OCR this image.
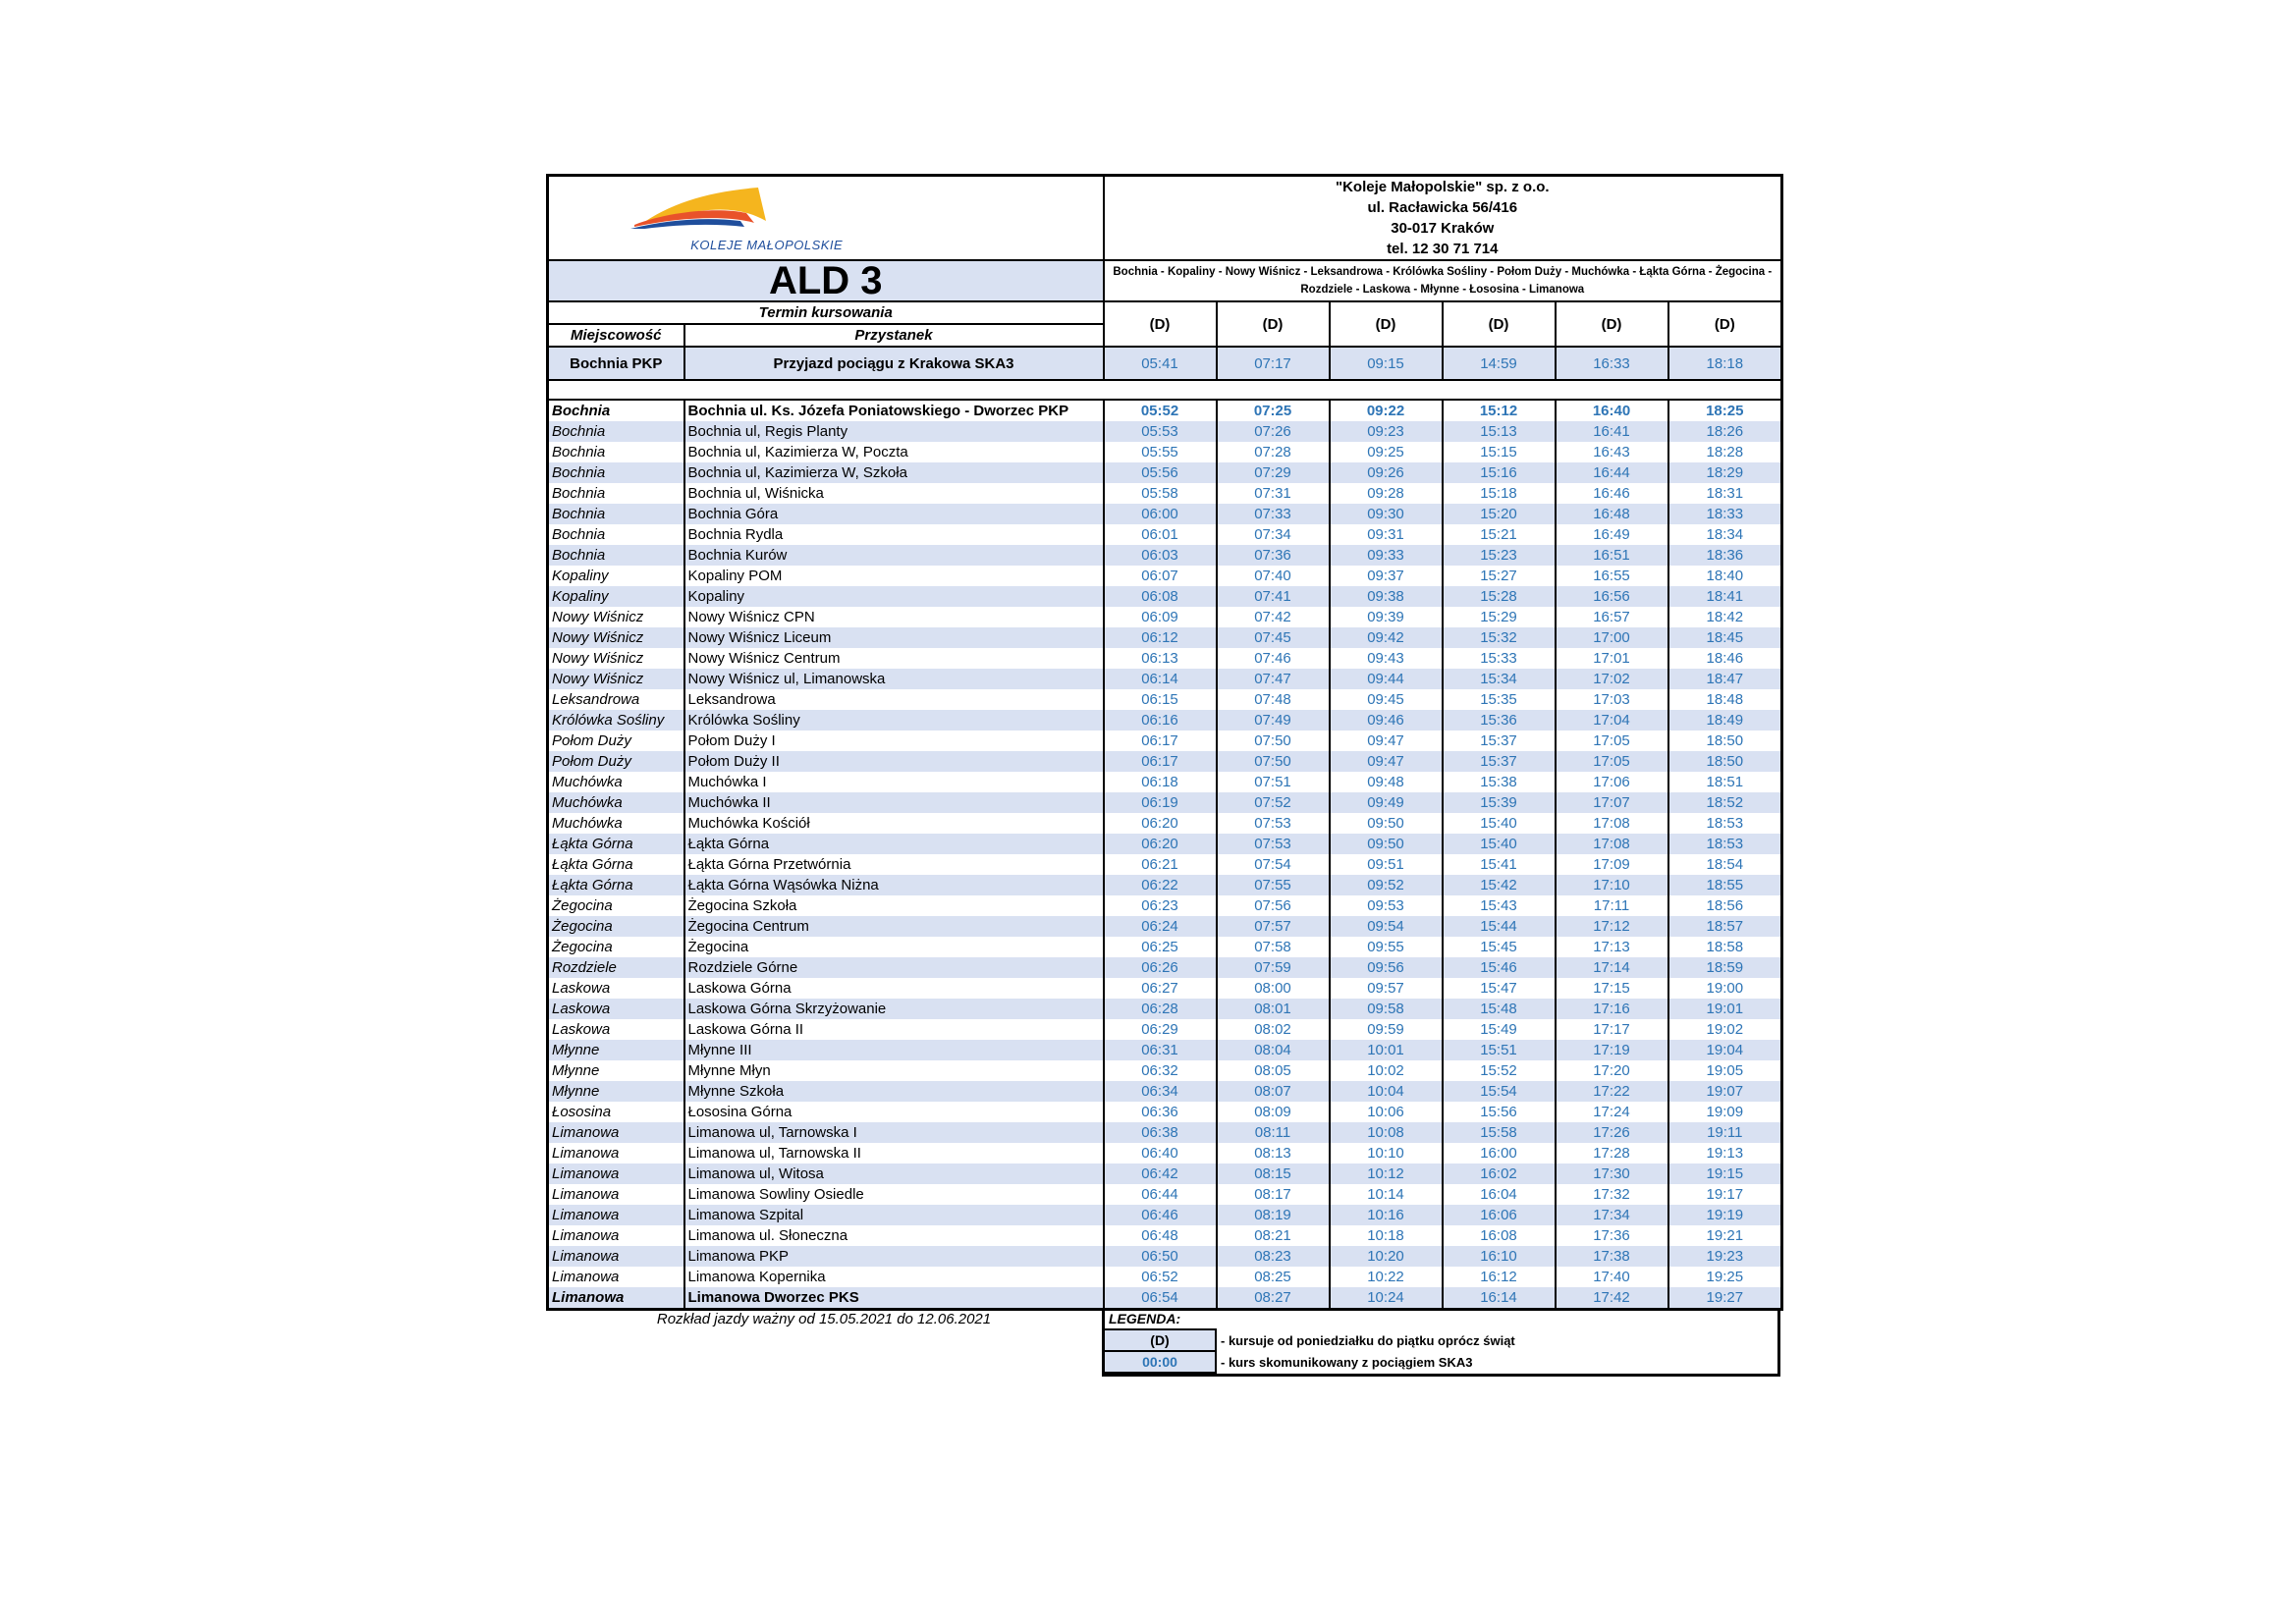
KOLEJE MAŁOPOLSKIE		"Koleje Małopolskie" sp. z o.o.
ul. Racławicka 56/416
30-017 Kraków
tel. 12 30 71 714					

ALD 3		Bochnia - Kopaliny - Nowy Wiśnicz - Leksandrowa - Królówka Sośliny - Połom Duży - Muchówka - Łąkta Górna - Żegocina - Rozdziele - Laskowa - Młynne - Łososina - Limanowa					
Termin kursowania		(D)	(D)	(D)	(D)	(D)	(D)
Miejscowość	Przystanek						
Bochnia PKP	Przyjazd pociągu z Krakowa SKA3	05:41	07:17	09:15	14:59	16:33	18:18

Bochnia	Bochnia ul. Ks. Józefa Poniatowskiego - Dworzec PKP	05:52	07:25	09:22	15:12	16:40	18:25
Bochnia	Bochnia ul, Regis Planty	05:53	07:26	09:23	15:13	16:41	18:26
Bochnia	Bochnia ul, Kazimierza W, Poczta	05:55	07:28	09:25	15:15	16:43	18:28
Bochnia	Bochnia ul, Kazimierza W, Szkoła	05:56	07:29	09:26	15:16	16:44	18:29
Bochnia	Bochnia ul, Wiśnicka	05:58	07:31	09:28	15:18	16:46	18:31
Bochnia	Bochnia Góra	06:00	07:33	09:30	15:20	16:48	18:33
Bochnia	Bochnia Rydla	06:01	07:34	09:31	15:21	16:49	18:34
Bochnia	Bochnia Kurów	06:03	07:36	09:33	15:23	16:51	18:36
Kopaliny	Kopaliny POM	06:07	07:40	09:37	15:27	16:55	18:40
Kopaliny	Kopaliny	06:08	07:41	09:38	15:28	16:56	18:41
Nowy Wiśnicz	Nowy Wiśnicz CPN	06:09	07:42	09:39	15:29	16:57	18:42
Nowy Wiśnicz	Nowy Wiśnicz Liceum	06:12	07:45	09:42	15:32	17:00	18:45
Nowy Wiśnicz	Nowy Wiśnicz Centrum	06:13	07:46	09:43	15:33	17:01	18:46
Nowy Wiśnicz	Nowy Wiśnicz ul, Limanowska	06:14	07:47	09:44	15:34	17:02	18:47
Leksandrowa	Leksandrowa	06:15	07:48	09:45	15:35	17:03	18:48
Królówka Sośliny	Królówka Sośliny	06:16	07:49	09:46	15:36	17:04	18:49
Połom Duży	Połom Duży I	06:17	07:50	09:47	15:37	17:05	18:50
Połom Duży	Połom Duży II	06:17	07:50	09:47	15:37	17:05	18:50
Muchówka	Muchówka I	06:18	07:51	09:48	15:38	17:06	18:51
Muchówka	Muchówka II	06:19	07:52	09:49	15:39	17:07	18:52
Muchówka	Muchówka Kościół	06:20	07:53	09:50	15:40	17:08	18:53
Łąkta Górna	Łąkta Górna	06:20	07:53	09:50	15:40	17:08	18:53
Łąkta Górna	Łąkta Górna Przetwórnia	06:21	07:54	09:51	15:41	17:09	18:54
Łąkta Górna	Łąkta Górna Wąsówka Niżna	06:22	07:55	09:52	15:42	17:10	18:55
Żegocina	Żegocina Szkoła	06:23	07:56	09:53	15:43	17:11	18:56
Żegocina	Żegocina Centrum	06:24	07:57	09:54	15:44	17:12	18:57
Żegocina	Żegocina	06:25	07:58	09:55	15:45	17:13	18:58
Rozdziele	Rozdziele Górne	06:26	07:59	09:56	15:46	17:14	18:59
Laskowa	Laskowa Górna	06:27	08:00	09:57	15:47	17:15	19:00
Laskowa	Laskowa Górna Skrzyżowanie	06:28	08:01	09:58	15:48	17:16	19:01
Laskowa	Laskowa Górna II	06:29	08:02	09:59	15:49	17:17	19:02
Młynne	Młynne III	06:31	08:04	10:01	15:51	17:19	19:04
Młynne	Młynne Młyn	06:32	08:05	10:02	15:52	17:20	19:05
Młynne	Młynne Szkoła	06:34	08:07	10:04	15:54	17:22	19:07
Łososina	Łososina Górna	06:36	08:09	10:06	15:56	17:24	19:09
Limanowa	Limanowa ul, Tarnowska I	06:38	08:11	10:08	15:58	17:26	19:11
Limanowa	Limanowa ul, Tarnowska II	06:40	08:13	10:10	16:00	17:28	19:13
Limanowa	Limanowa ul, Witosa	06:42	08:15	10:12	16:02	17:30	19:15
Limanowa	Limanowa Sowliny Osiedle	06:44	08:17	10:14	16:04	17:32	19:17
Limanowa	Limanowa Szpital	06:46	08:19	10:16	16:06	17:34	19:19
Limanowa	Limanowa ul. Słoneczna	06:48	08:21	10:18	16:08	17:36	19:21
Limanowa	Limanowa PKP	06:50	08:23	10:20	16:10	17:38	19:23
Limanowa	Limanowa Kopernika	06:52	08:25	10:22	16:12	17:40	19:25
Limanowa	Limanowa Dworzec PKS	06:54	08:27	10:24	16:14	17:42	19:27
Rozkład jazdy ważny od 15.05.2021 do 12.06.2021	LEGENDA:
(D)	- kursuje od poniedziałku do piątku oprócz świąt
00:00	- kurs skomunikowany z pociągiem SKA3
